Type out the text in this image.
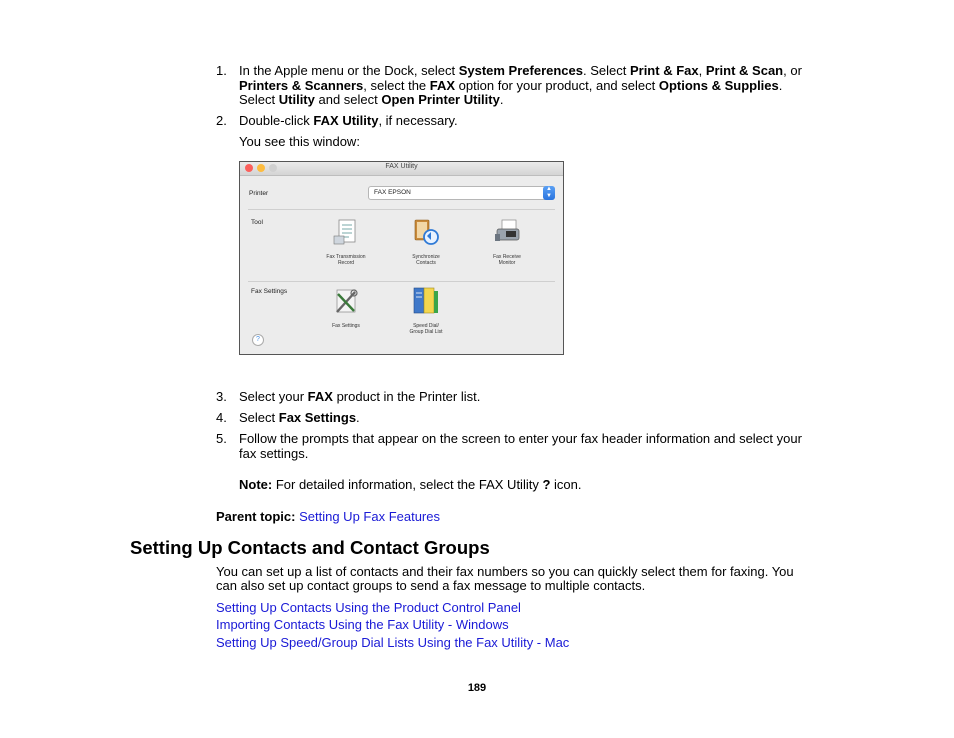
1. In the Apple menu or the Dock, select System Preferences. Select Print & Fax, Print & Scan, or
Printers & Scanners, select the FAX option for your product, and select Options & Supplies.
Select Utility and select Open Printer Utility.
2. Double-click FAX Utility, if necessary.
You see this window:
FAX Utility
Printer	FAX EPSON	▲
▼
Tool
Fax Transmission
Record
Synchronize
Contacts
Fax Receive
Monitor
Fax Settings
Fax Settings	Speed Dial/
Group Dial List
?
3. Select your FAX product in the Printer list.
4. Select Fax Settings.
5. Follow the prompts that appear on the screen to enter your fax header information and select your
fax settings.
Note: For detailed information, select the FAX Utility ? icon.
Parent topic: Setting Up Fax Features
Setting Up Contacts and Contact Groups
You can set up a list of contacts and their fax numbers so you can quickly select them for faxing. You
can also set up contact groups to send a fax message to multiple contacts.
Setting Up Contacts Using the Product Control Panel
Importing Contacts Using the Fax Utility - Windows
Setting Up Speed/Group Dial Lists Using the Fax Utility - Mac
189
